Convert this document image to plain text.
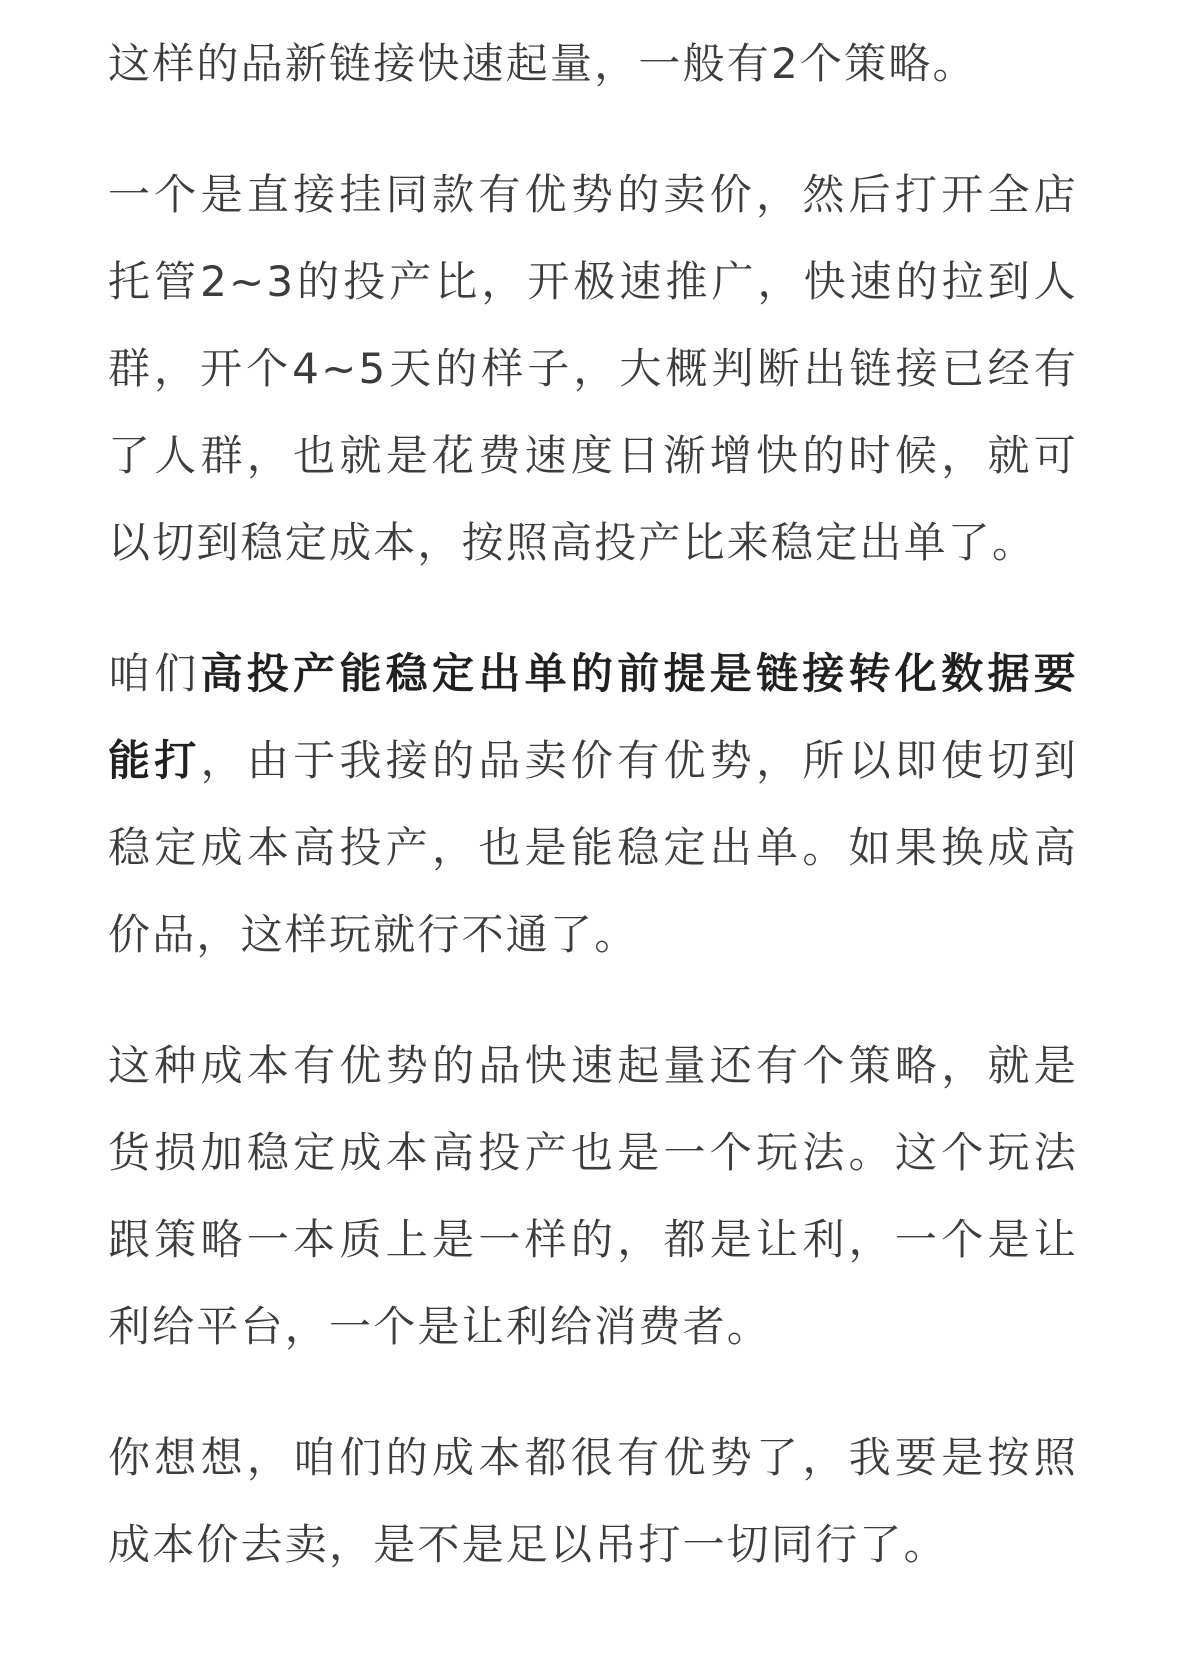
这样的品新链接快速起量，一般有2个策略。

一个是直接挂同款有优势的卖价，然后打开全店托管2~3的投产比，开极速推广，快速的拉到人群，开个4~5天的样子，大概判断出链接已经有了人群，也就是花费速度日渐增快的时候，就可以切到稳定成本，按照高投产比来稳定出单了。

咱们高投产能稳定出单的前提是链接转化数据要能打，由于我接的品卖价有优势，所以即使切到稳定成本高投产，也是能稳定出单。如果换成高价品，这样玩就行不通了。

这种成本有优势的品快速起量还有个策略，就是货损加稳定成本高投产也是一个玩法。这个玩法跟策略一本质上是一样的，都是让利，一个是让利给平台，一个是让利给消费者。

你想想，咱们的成本都很有优势了，我要是按照成本价去卖，是不是足以吊打一切同行了。
